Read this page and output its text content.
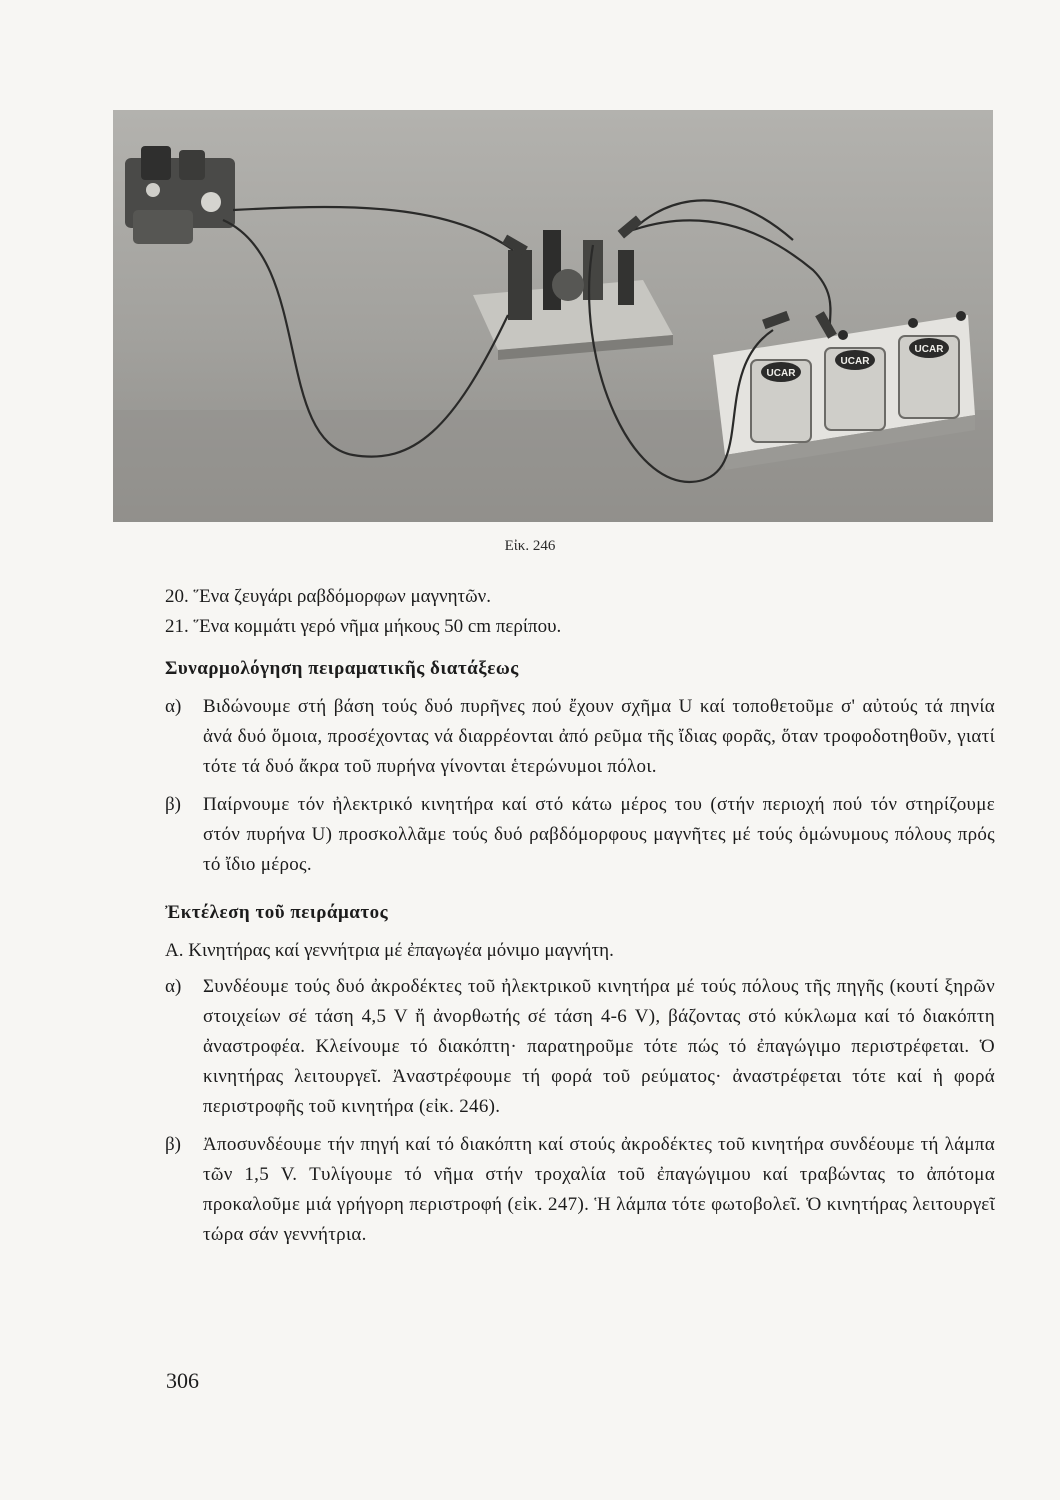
UCAR
UCAR
UCAR
Εἰκ. 246

20. Ἕνα ζευγάρι ραβδόμορφων μαγνητῶν.

21. Ἕνα κομμάτι γερό νῆμα μήκους 50 cm περίπου.

Συναρμολόγηση πειραματικῆς διατάξεως
α)	Βιδώνουμε στή βάση τούς δυό πυρῆνες πού ἔχουν σχῆμα U καί τοποθετοῦμε σ' αὐτούς τά πηνία ἀνά δυό ὅμοια, προσέχοντας νά διαρρέονται ἀπό ρεῦμα τῆς ἴδιας φορᾶς, ὅταν τροφοδοτηθοῦν, γιατί τότε τά δυό ἄκρα τοῦ πυρήνα γίνονται ἑτερώνυμοι πόλοι.
β)	Παίρνουμε τόν ἠλεκτρικό κινητήρα καί στό κάτω μέρος του (στήν περιοχή πού τόν στηρίζουμε στόν πυρήνα U) προσκολλᾶμε τούς δυό ραβδόμορφους μαγνῆτες μέ τούς ὁμώνυμους πόλους πρός τό ἴδιο μέρος.
Ἐκτέλεση τοῦ πειράματος
Α. Κινητήρας καί γεννήτρια μέ ἐπαγωγέα μόνιμο μαγνήτη.
α)	Συνδέουμε τούς δυό ἀκροδέκτες τοῦ ἠλεκτρικοῦ κινητήρα μέ τούς πόλους τῆς πηγῆς (κουτί ξηρῶν στοιχείων σέ τάση 4,5 V ἤ ἀνορθωτής σέ τάση 4-6 V), βάζοντας στό κύκλωμα καί τό διακόπτη ἀναστροφέα. Κλείνουμε τό διακόπτη· παρατηροῦμε τότε πώς τό ἐπαγώγιμο περιστρέφεται. Ὁ κινητήρας λειτουργεῖ. Ἀναστρέφουμε τή φορά τοῦ ρεύματος· ἀναστρέφεται τότε καί ἡ φορά περιστροφῆς τοῦ κινητήρα (εἰκ. 246).
β)	Ἀποσυνδέουμε τήν πηγή καί τό διακόπτη καί στούς ἀκροδέκτες τοῦ κινητήρα συνδέουμε τή λάμπα τῶν 1,5 V. Τυλίγουμε τό νῆμα στήν τροχαλία τοῦ ἐπαγώγιμου καί τραβώντας το ἀπότομα προκαλοῦμε μιά γρήγορη περιστροφή (εἰκ. 247). Ἡ λάμπα τότε φωτοβολεῖ. Ὁ κινητήρας λειτουργεῖ τώρα σάν γεννήτρια.
306
